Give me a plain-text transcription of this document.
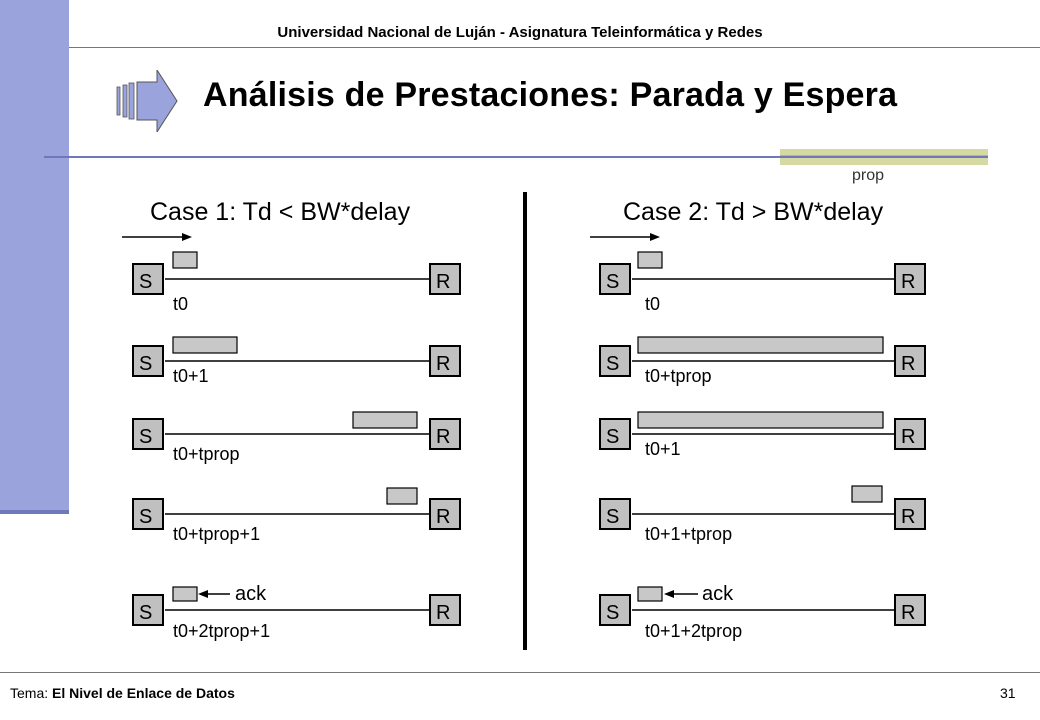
Universidad Nacional de Luján - Asignatura Teleinformática y Redes
Análisis de Prestaciones: Parada y Espera
prop
Case 1: Td < BW*delay
S	R
t0
S	R
t0+1
S	R
t0+tprop
S	R
t0+tprop+1
S	R
ack
t0+2tprop+1
Case 2: Td > BW*delay
S	R
t0
S	R
t0+tprop
S	R
t0+1
S	R
t0+1+tprop
S	R
ack
t0+1+2tprop
Tema: El Nivel de Enlace de Datos	31
